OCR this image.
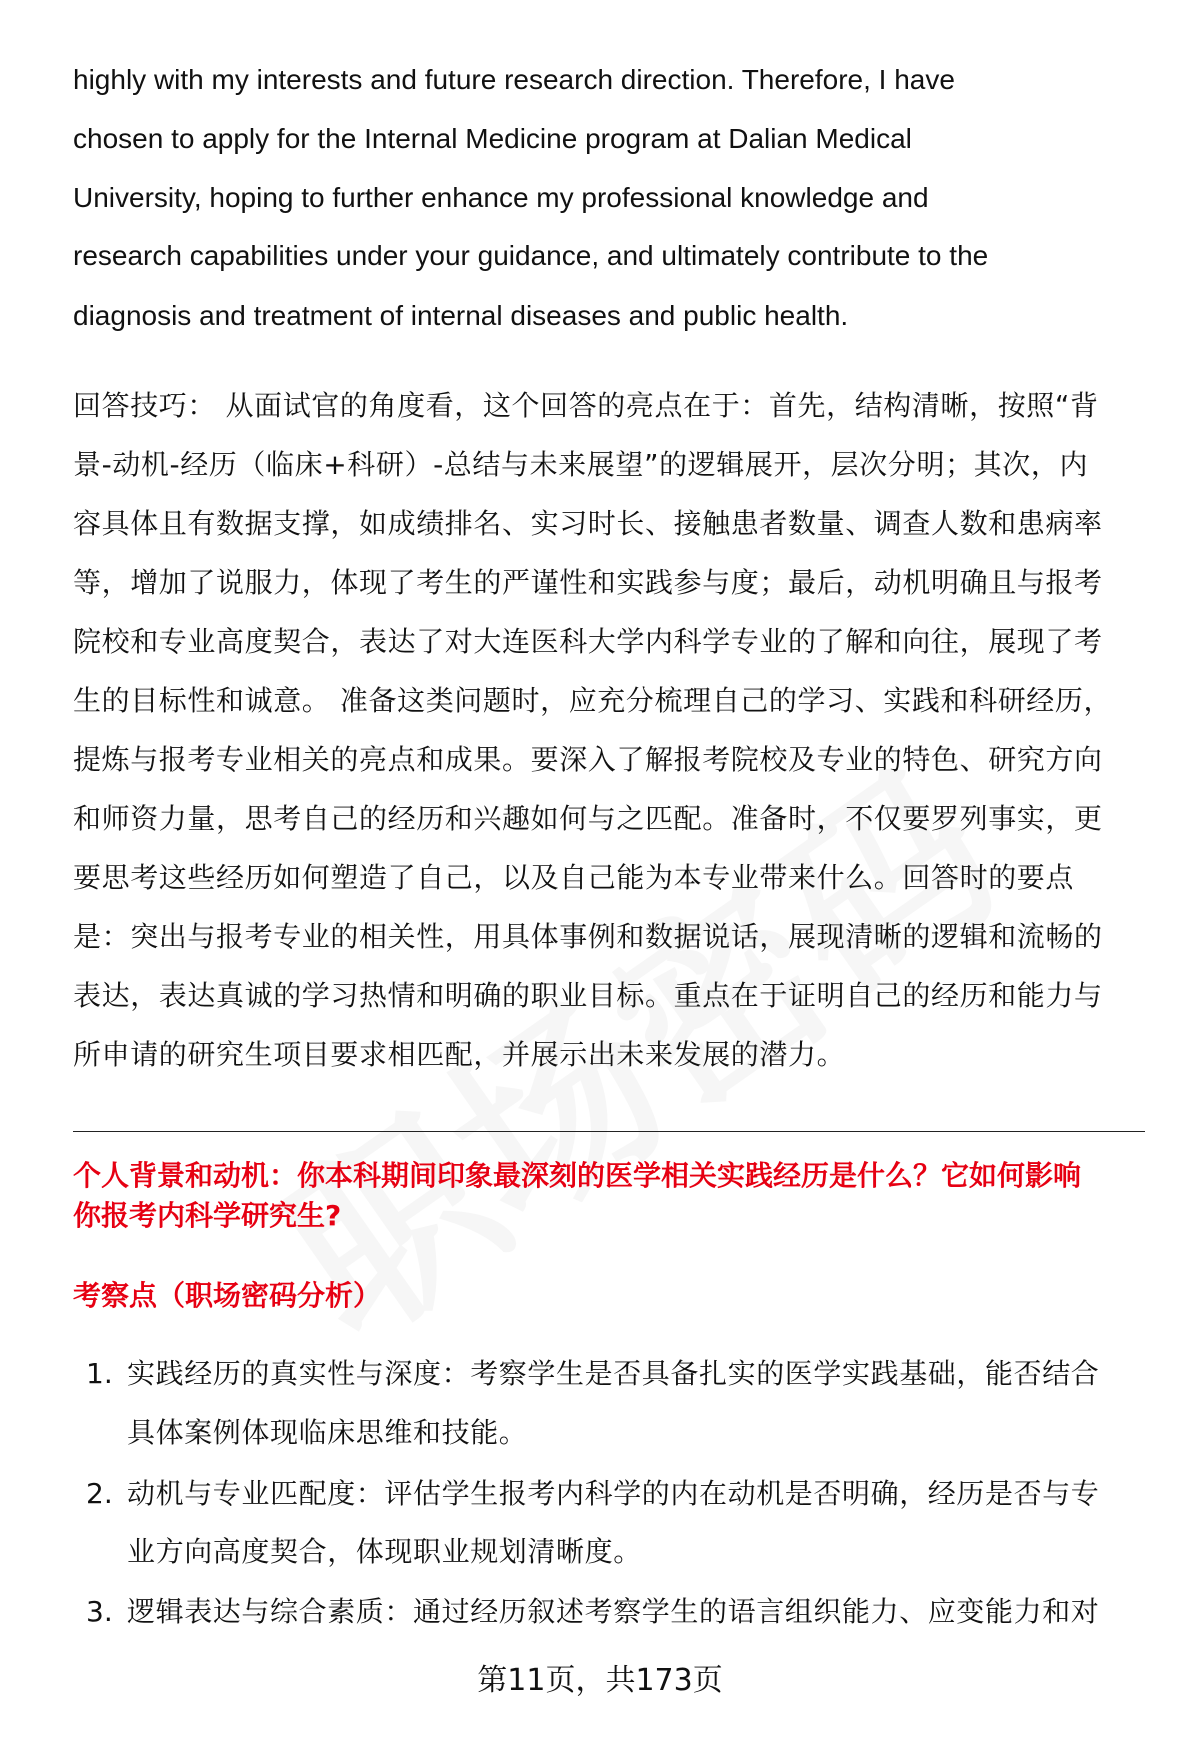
highly with my interests and future research direction. Therefore, I have
chosen to apply for the Internal Medicine program at Dalian Medical
University, hoping to further enhance my professional knowledge and
research capabilities under your guidance, and ultimately contribute to the
diagnosis and treatment of internal diseases and public health.
回答技巧： 从面试官的角度看，这个回答的亮点在于：首先，结构清晰，按照“背
景-动机-经历（临床+科研）-总结与未来展望”的逻辑展开，层次分明；其次，内
容具体且有数据支撑，如成绩排名、实习时长、接触患者数量、调查人数和患病率
等，增加了说服力，体现了考生的严谨性和实践参与度；最后，动机明确且与报考
院校和专业高度契合，表达了对大连医科大学内科学专业的了解和向往，展现了考
生的目标性和诚意。 准备这类问题时，应充分梳理自己的学习、实践和科研经历，
提炼与报考专业相关的亮点和成果。要深入了解报考院校及专业的特色、研究方向
和师资力量，思考自己的经历和兴趣如何与之匹配。准备时，不仅要罗列事实，更
要思考这些经历如何塑造了自己，以及自己能为本专业带来什么。回答时的要点
是：突出与报考专业的相关性，用具体事例和数据说话，展现清晰的逻辑和流畅的
表达，表达真诚的学习热情和明确的职业目标。重点在于证明自己的经历和能力与
所申请的研究生项目要求相匹配，并展示出未来发展的潜力。
个人背景和动机：你本科期间印象最深刻的医学相关实践经历是什么？它如何影响
你报考内科学研究生?
考察点（职场密码分析）
1. 实践经历的真实性与深度：考察学生是否具备扎实的医学实践基础，能否结合
具体案例体现临床思维和技能。
2. 动机与专业匹配度：评估学生报考内科学的内在动机是否明确，经历是否与专
业方向高度契合，体现职业规划清晰度。
3. 逻辑表达与综合素质：通过经历叙述考察学生的语言组织能力、应变能力和对
第11页，共173页
